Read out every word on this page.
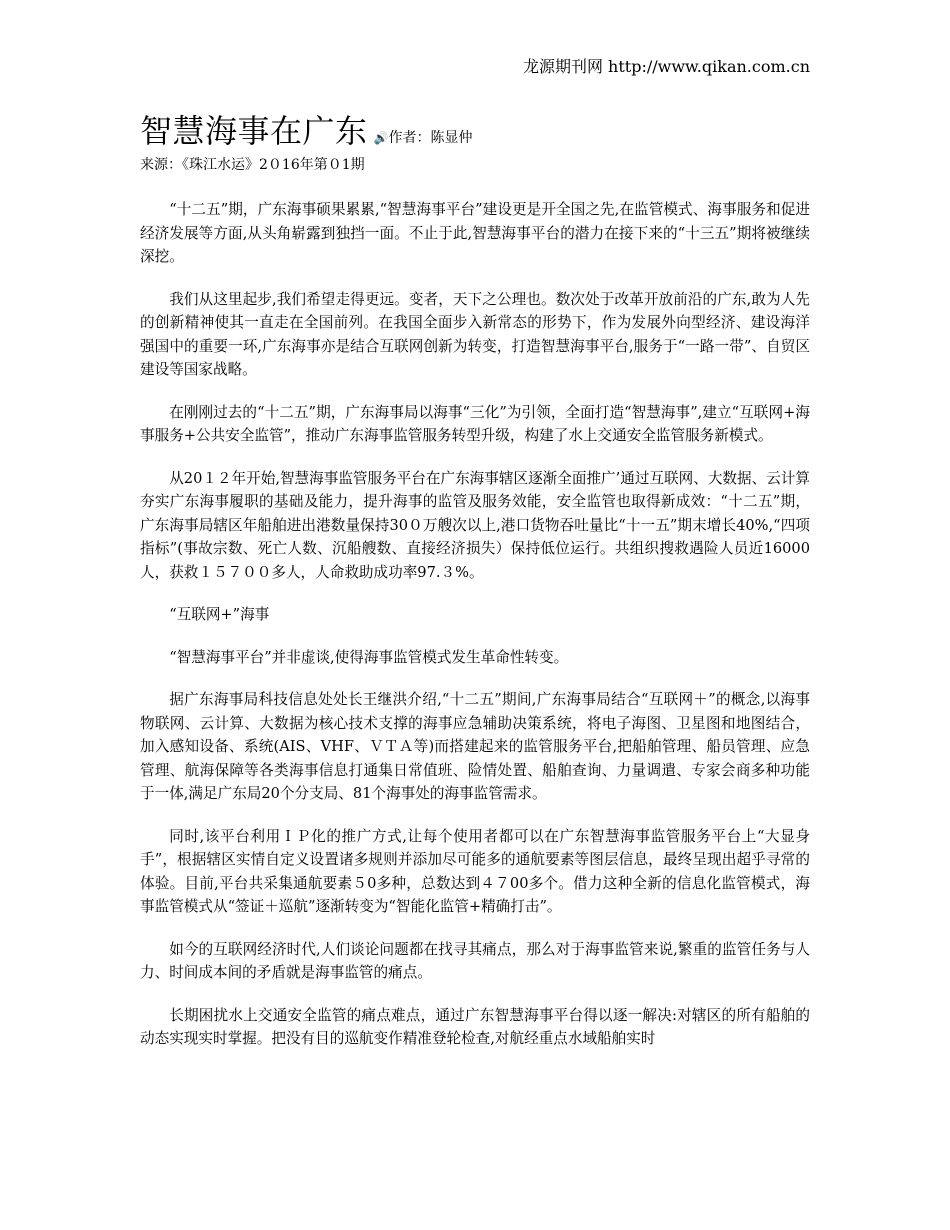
龙源期刊网 http://www.qikan.com.cn
智慧海事在广东 🔊 作者： 陈显仲
来源：《珠江水运》2０16年第０1期

“十二五”期，广东海事硕果累累,“智慧海事平台”建设更是开全国之先,在监管模式、海事服务和促进经济发展等方面,从头角崭露到独挡一面。不止于此,智慧海事平台的潜力在接下来的“十三五”期将被继续深挖。

我们从这里起步,我们希望走得更远。变者，天下之公理也。数次处于改革开放前沿的广东,敢为人先的创新精神使其一直走在全国前列。在我国全面步入新常态的形势下，作为发展外向型经济、建设海洋强国中的重要一环,广东海事亦是结合互联网创新为转变，打造智慧海事平台,服务于“一路一带”、自贸区建设等国家战略。

在刚刚过去的“十二五”期，广东海事局以海事“三化”为引领，全面打造“智慧海事”,建立“互联网+海事服务+公共安全监管”，推动广东海事监管服务转型升级，构建了水上交通安全监管服务新模式。

从20１２年开始,智慧海事监管服务平台在广东海事辖区逐渐全面推广’通过互联网、大数据、云计算夯实广东海事履职的基础及能力，提升海事的监管及服务效能，安全监管也取得新成效：“十二五”期，广东海事局辖区年船舶进出港数量保持30０万艘次以上,港口货物吞吐量比“十一五”期末增长40%,“四项指标”(事故宗数、死亡人数、沉船艘数、直接经济损失）保持低位运行。共组织搜救遇险人员近16000人，获救１５７００多人，人命救助成功率97.３%。

“互联网+”海事

“智慧海事平台”并非虚谈,使得海事监管模式发生革命性转变。

据广东海事局科技信息处处长王继洪介绍,“十二五”期间,广东海事局结合“互联网＋”的概念,以海事物联网、云计算、大数据为核心技术支撑的海事应急辅助决策系统，将电子海图、卫星图和地图结合，加入感知设备、系统(AIS、VHF、ＶＴＡ等)而搭建起来的监管服务平台,把船舶管理、船员管理、应急管理、航海保障等各类海事信息打通集日常值班、险情处置、船舶查询、力量调遣、专家会商多种功能于一体,满足广东局20个分支局、81个海事处的海事监管需求。

同时,该平台利用ＩＰ化的推广方式,让每个使用者都可以在广东智慧海事监管服务平台上“大显身手”，根据辖区实情自定义设置诸多规则并添加尽可能多的通航要素等图层信息，最终呈现出超乎寻常的体验。目前,平台共采集通航要素５0多种，总数达到４７00多个。借力这种全新的信息化监管模式，海事监管模式从“签证＋巡航”逐渐转变为“智能化监管+精确打击”。

如今的互联网经济时代,人们谈论问题都在找寻其痛点，那么对于海事监管来说,繁重的监管任务与人力、时间成本间的矛盾就是海事监管的痛点。

长期困扰水上交通安全监管的痛点难点，通过广东智慧海事平台得以逐一解决:对辖区的所有船舶的动态实现实时掌握。把没有目的巡航变作精准登轮检查,对航经重点水域船舶实时
